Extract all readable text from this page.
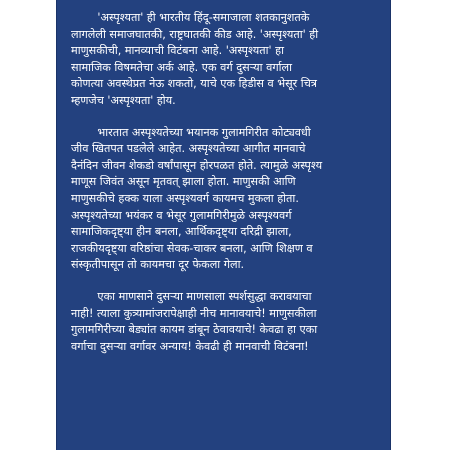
'अस्पृश्यता' ही भारतीय हिंदू-समाजाला शतकानुशतके
लागलेली समाजघातकी, राष्ट्रघातकी कीड आहे. 'अस्पृश्यता' ही
माणुसकीची, मानव्याची विटंबना आहे. 'अस्पृश्यता' हा
सामाजिक विषमतेचा अर्क आहे. एक वर्ग दुसऱ्या वर्गाला
कोणत्या अवस्थेप्रत नेऊ शकतो, याचे एक हिडीस व भेसूर चित्र
म्हणजेच 'अस्पृश्यता' होय.

भारतात अस्पृश्यतेच्या भयानक गुलामगिरीत कोट्यवधी
जीव खितपत पडलेले आहेत. अस्पृश्यतेच्या आगीत मानवाचे
दैनंदिन जीवन शेकडो वर्षांपासून होरपळत होते. त्यामुळे अस्पृश्य
माणूस जिवंत असून मृतवत् झाला होता. माणुसकी आणि
माणुसकीचे हक्क याला अस्पृश्यवर्ग कायमच मुकला होता.
अस्पृश्यतेच्या भयंकर व भेसूर गुलामगिरीमुळे अस्पृश्यवर्ग
सामाजिकदृष्ट्या हीन बनला, आर्थिकदृष्ट्या दरिद्री झाला,
राजकीयदृष्ट्या वरिष्ठांचा सेवक-चाकर बनला, आणि शिक्षण व
संस्कृतीपासून तो कायमचा दूर फेकला गेला.

एका माणसाने दुसऱ्या माणसाला स्पर्शसुद्धा करावयाचा
नाही! त्याला कुत्र्यामांजरापेक्षाही नीच मानावयाचे! माणुसकीला
गुलामगिरीच्या बेड्यांत कायम डांबून ठेवावयाचे! केवढा हा एका
वर्गाचा दुसऱ्या वर्गावर अन्याय! केवढी ही मानवाची विटंबना!
